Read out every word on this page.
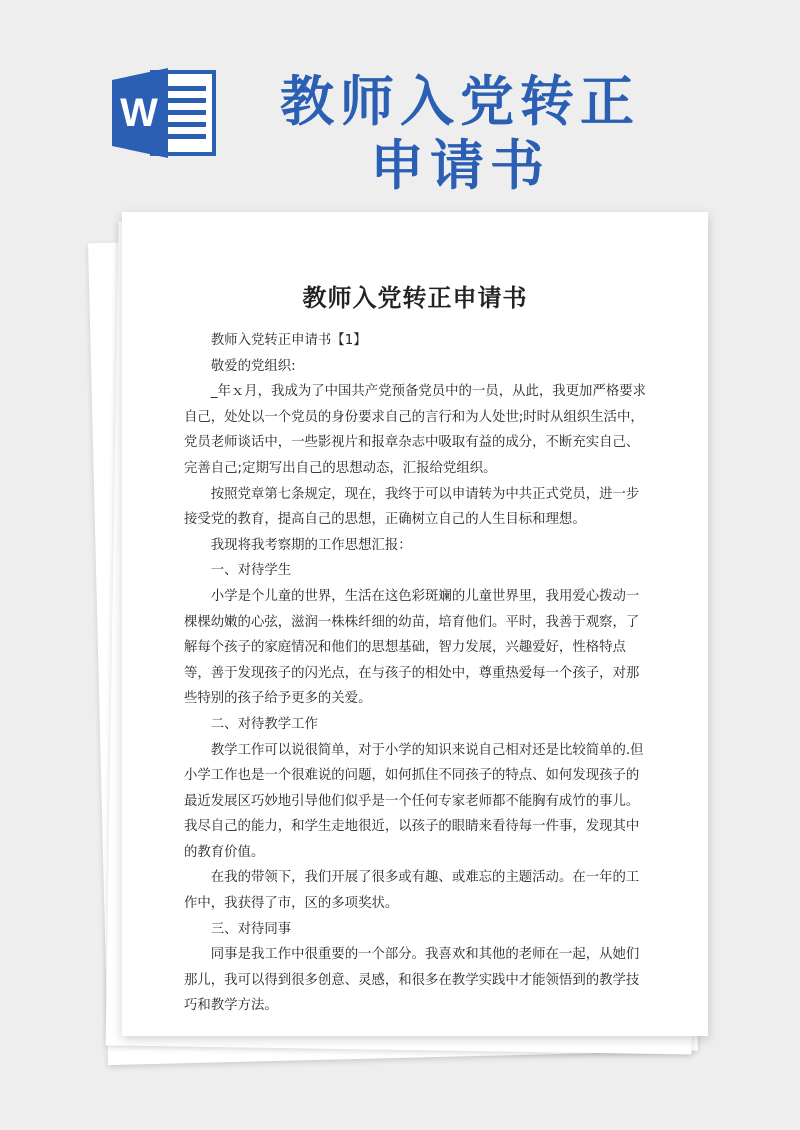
W 教师入党转正
申请书
教师入党转正申请书

教师入党转正申请书【1】

敬爱的党组织:

_年ｘ月，我成为了中国共产党预备党员中的一员，从此，我更加严格要求自己，处处以一个党员的身份要求自己的言行和为人处世;时时从组织生活中，党员老师谈话中，一些影视片和报章杂志中吸取有益的成分，不断充实自己、完善自己;定期写出自己的思想动态，汇报给党组织。

按照党章第七条规定，现在，我终于可以申请转为中共正式党员，进一步接受党的教育，提高自己的思想，正确树立自己的人生目标和理想。

我现将我考察期的工作思想汇报：

一、对待学生

小学是个儿童的世界，生活在这色彩斑斓的儿童世界里，我用爱心拨动一棵棵幼嫩的心弦，滋润一株株纤细的幼苗，培育他们。平时，我善于观察，了解每个孩子的家庭情况和他们的思想基础，智力发展，兴趣爱好，性格特点等，善于发现孩子的闪光点，在与孩子的相处中，尊重热爱每一个孩子，对那些特别的孩子给予更多的关爱。

二、对待教学工作

教学工作可以说很简单，对于小学的知识来说自己相对还是比较简单的.但小学工作也是一个很难说的问题，如何抓住不同孩子的特点、如何发现孩子的最近发展区巧妙地引导他们似乎是一个任何专家老师都不能胸有成竹的事儿。我尽自己的能力，和学生走地很近，以孩子的眼睛来看待每一件事，发现其中的教育价值。

在我的带领下，我们开展了很多或有趣、或难忘的主题活动。在一年的工作中，我获得了市，区的多项奖状。

三、对待同事

同事是我工作中很重要的一个部分。我喜欢和其他的老师在一起，从她们那儿，我可以得到很多创意、灵感，和很多在教学实践中才能领悟到的教学技巧和教学方法。
